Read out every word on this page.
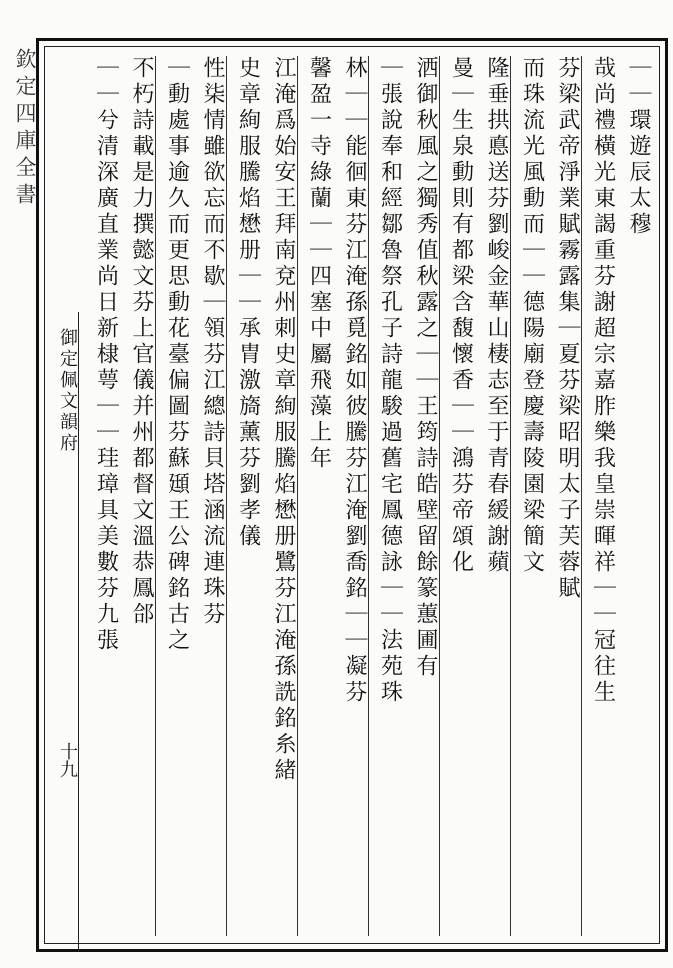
欽定四庫全書
御定佩文韻府
十九
｜｜環遊辰太穆
哉尚禮橫光東謁重芬謝超宗嘉胙樂我皇崇暉祥｜｜冠往生
芬梁武帝淨業賦霧露集｜夏芬梁昭明太子芙蓉賦
而珠流光風動而｜｜德陽廟登慶壽陵園梁簡文
隆垂拱悳送芬劉峻金華山棲志至于青春緩謝蘋
曼｜生泉動則有都梁含馥懷香｜｜鴻芬帝頌化
洒御秋風之獨秀值秋露之｜｜王筠詩皓壁留餘篆蕙圃有
｜張說奉和經鄒魯祭孔子詩龍駿過舊宅鳳德詠｜｜法苑珠
林｜｜能徊東芬江淹孫覓銘如彼騰芬江淹劉喬銘｜｜凝芬
馨盈一寺綠蘭｜｜四塞中屬飛藻上年
江淹爲始安王拜南兗州刺史章絢服騰焰懋册鷺芬江淹孫詵銘糸緒
史章絢服騰焰懋册｜｜承胄激旖薰芬劉孝儀
性柒情雖欲忘而不歇｜領芬江總詩貝塔涵流連珠芬
｜動處事逾久而更思動花臺偏圖芬蘇頲王公碑銘古之
不朽詩載是力撰懿文芬上官儀并州都督文溫恭鳳郃
｜｜兮清深廣直業尚日新棣萼｜｜珪璋具美數芬九張
